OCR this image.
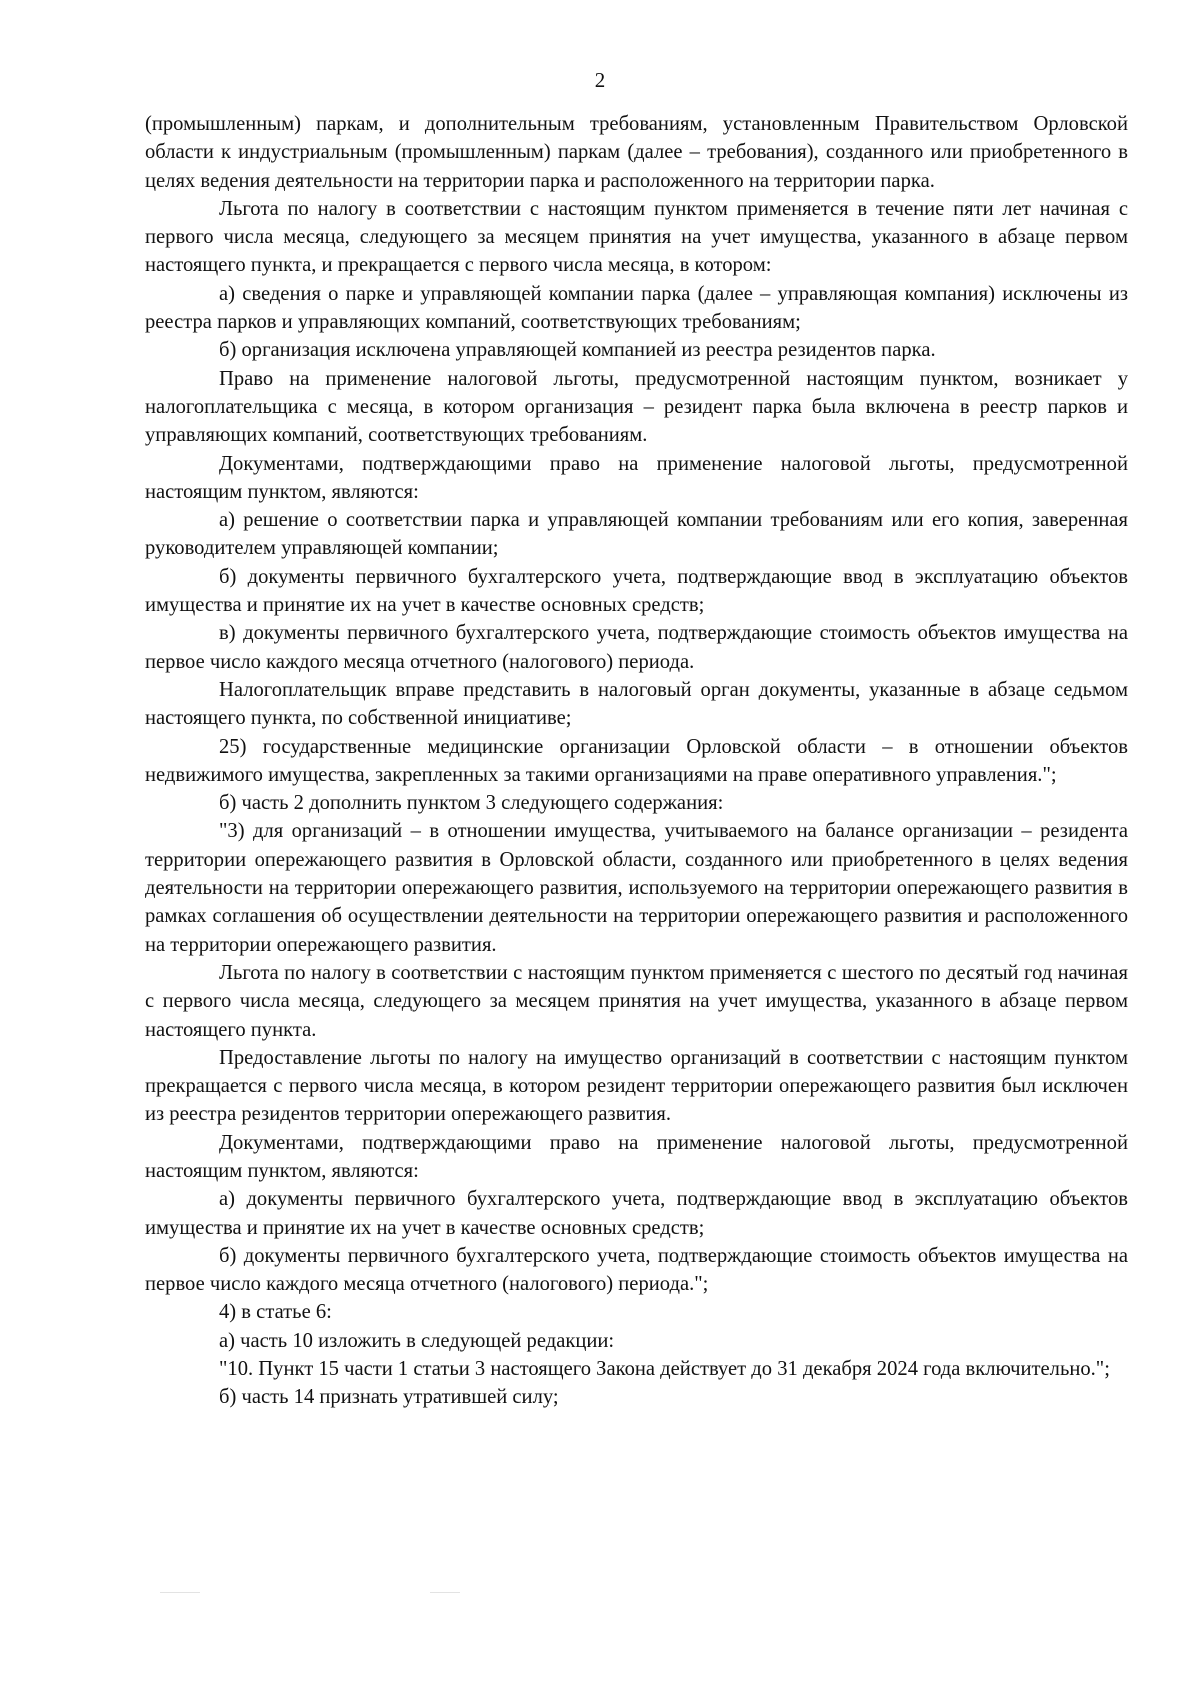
2

(промышленным) паркам, и дополнительным требованиям, установленным Правительством Орловской области к индустриальным (промышленным) паркам (далее – требования), созданного или приобретенного в целях ведения деятельности на территории парка и расположенного на территории парка.

Льгота по налогу в соответствии с настоящим пунктом применяется в течение пяти лет начиная с первого числа месяца, следующего за месяцем принятия на учет имущества, указанного в абзаце первом настоящего пункта, и прекращается с первого числа месяца, в котором:

а) сведения о парке и управляющей компании парка (далее – управляющая компания) исключены из реестра парков и управляющих компаний, соответствующих требованиям;

б) организация исключена управляющей компанией из реестра резидентов парка.

Право на применение налоговой льготы, предусмотренной настоящим пунктом, возникает у налогоплательщика с месяца, в котором организация – резидент парка была включена в реестр парков и управляющих компаний, соответствующих требованиям.

Документами, подтверждающими право на применение налоговой льготы, предусмотренной настоящим пунктом, являются:

а) решение о соответствии парка и управляющей компании требованиям или его копия, заверенная руководителем управляющей компании;

б) документы первичного бухгалтерского учета, подтверждающие ввод в эксплуатацию объектов имущества и принятие их на учет в качестве основных средств;

в) документы первичного бухгалтерского учета, подтверждающие стоимость объектов имущества на первое число каждого месяца отчетного (налогового) периода.

Налогоплательщик вправе представить в налоговый орган документы, указанные в абзаце седьмом настоящего пункта, по собственной инициативе;

25) государственные медицинские организации Орловской области – в отношении объектов недвижимого имущества, закрепленных за такими организациями на праве оперативного управления.";

б) часть 2 дополнить пунктом 3 следующего содержания:

"3) для организаций – в отношении имущества, учитываемого на балансе организации – резидента территории опережающего развития в Орловской области, созданного или приобретенного в целях ведения деятельности на территории опережающего развития, используемого на территории опережающего развития в рамках соглашения об осуществлении деятельности на территории опережающего развития и расположенного на территории опережающего развития.

Льгота по налогу в соответствии с настоящим пунктом применяется с шестого по десятый год начиная с первого числа месяца, следующего за месяцем принятия на учет имущества, указанного в абзаце первом настоящего пункта.

Предоставление льготы по налогу на имущество организаций в соответствии с настоящим пунктом прекращается с первого числа месяца, в котором резидент территории опережающего развития был исключен из реестра резидентов территории опережающего развития.

Документами, подтверждающими право на применение налоговой льготы, предусмотренной настоящим пунктом, являются:

а) документы первичного бухгалтерского учета, подтверждающие ввод в эксплуатацию объектов имущества и принятие их на учет в качестве основных средств;

б) документы первичного бухгалтерского учета, подтверждающие стоимость объектов имущества на первое число каждого месяца отчетного (налогового) периода.";

4) в статье 6:

а) часть 10 изложить в следующей редакции:

"10. Пункт 15 части 1 статьи 3 настоящего Закона действует до 31 декабря 2024 года включительно.";

б) часть 14 признать утратившей силу;
